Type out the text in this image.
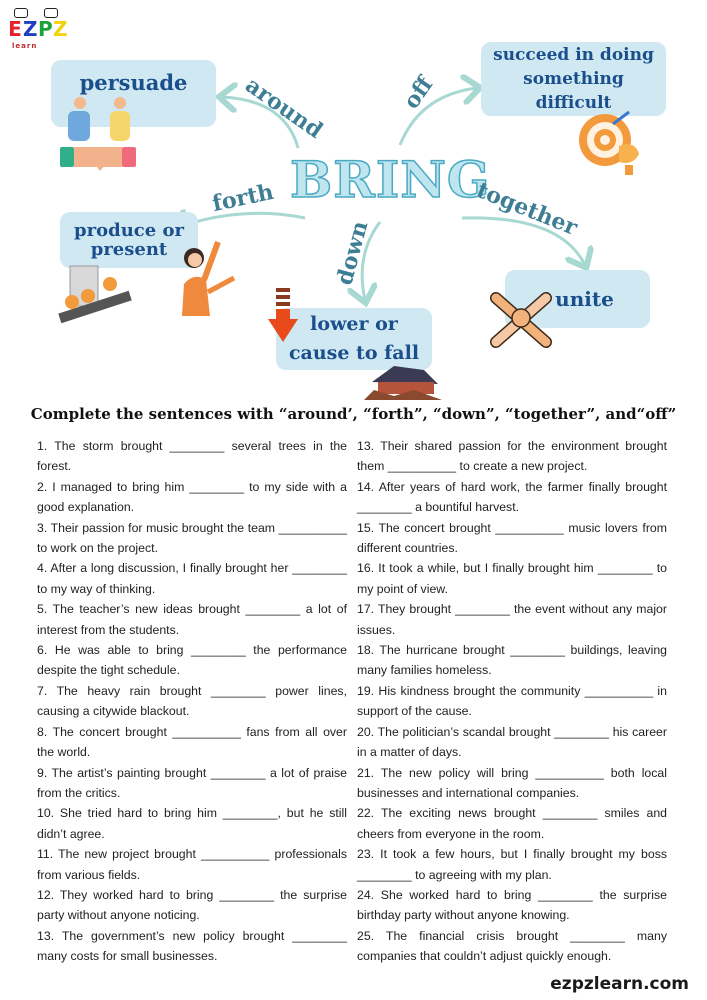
E Z P Z
learn
BRING
around	off
forth	together
down
persuade
succeed in doing
something
difficult
produce or
present
unite
lower or
cause to fall
Complete the sentences with “around’, “forth”, “down”, “together”, and“off”

1. The storm brought ________ several trees in the forest.

2. I managed to bring him ________ to my side with a good explanation.

3. Their passion for music brought the team __________ to work on the project.

4. After a long discussion, I finally brought her ________ to my way of thinking.

5. The teacher’s new ideas brought ________ a lot of interest from the students.

6. He was able to bring ________ the performance despite the tight schedule.

7. The heavy rain brought ________ power lines, causing a citywide blackout.

8. The concert brought __________ fans from all over the world.

9. The artist’s painting brought ________ a lot of praise from the critics.

10. She tried hard to bring him ________, but he still didn’t agree.

11. The new project brought __________ professionals from various fields.

12. They worked hard to bring ________ the surprise party without anyone noticing.

13. The government’s new policy brought ________ many costs for small businesses.

13. Their shared passion for the environment brought them __________ to create a new project.

14. After years of hard work, the farmer finally brought ________ a bountiful harvest.

15. The concert brought __________ music lovers from different countries.

16. It took a while, but I finally brought him ________ to my point of view.

17. They brought ________ the event without any major issues.

18. The hurricane brought ________ buildings, leaving many families homeless.

19. His kindness brought the community __________ in support of the cause.

20. The politician’s scandal brought ________ his career in a matter of days.

21. The new policy will bring __________ both local businesses and international companies.

22. The exciting news brought ________ smiles and cheers from everyone in the room.

23. It took a few hours, but I finally brought my boss ________ to agreeing with my plan.

24. She worked hard to bring ________ the surprise birthday party without anyone knowing.

25. The financial crisis brought ________ many companies that couldn’t adjust quickly enough.

ezpzlearn.com
